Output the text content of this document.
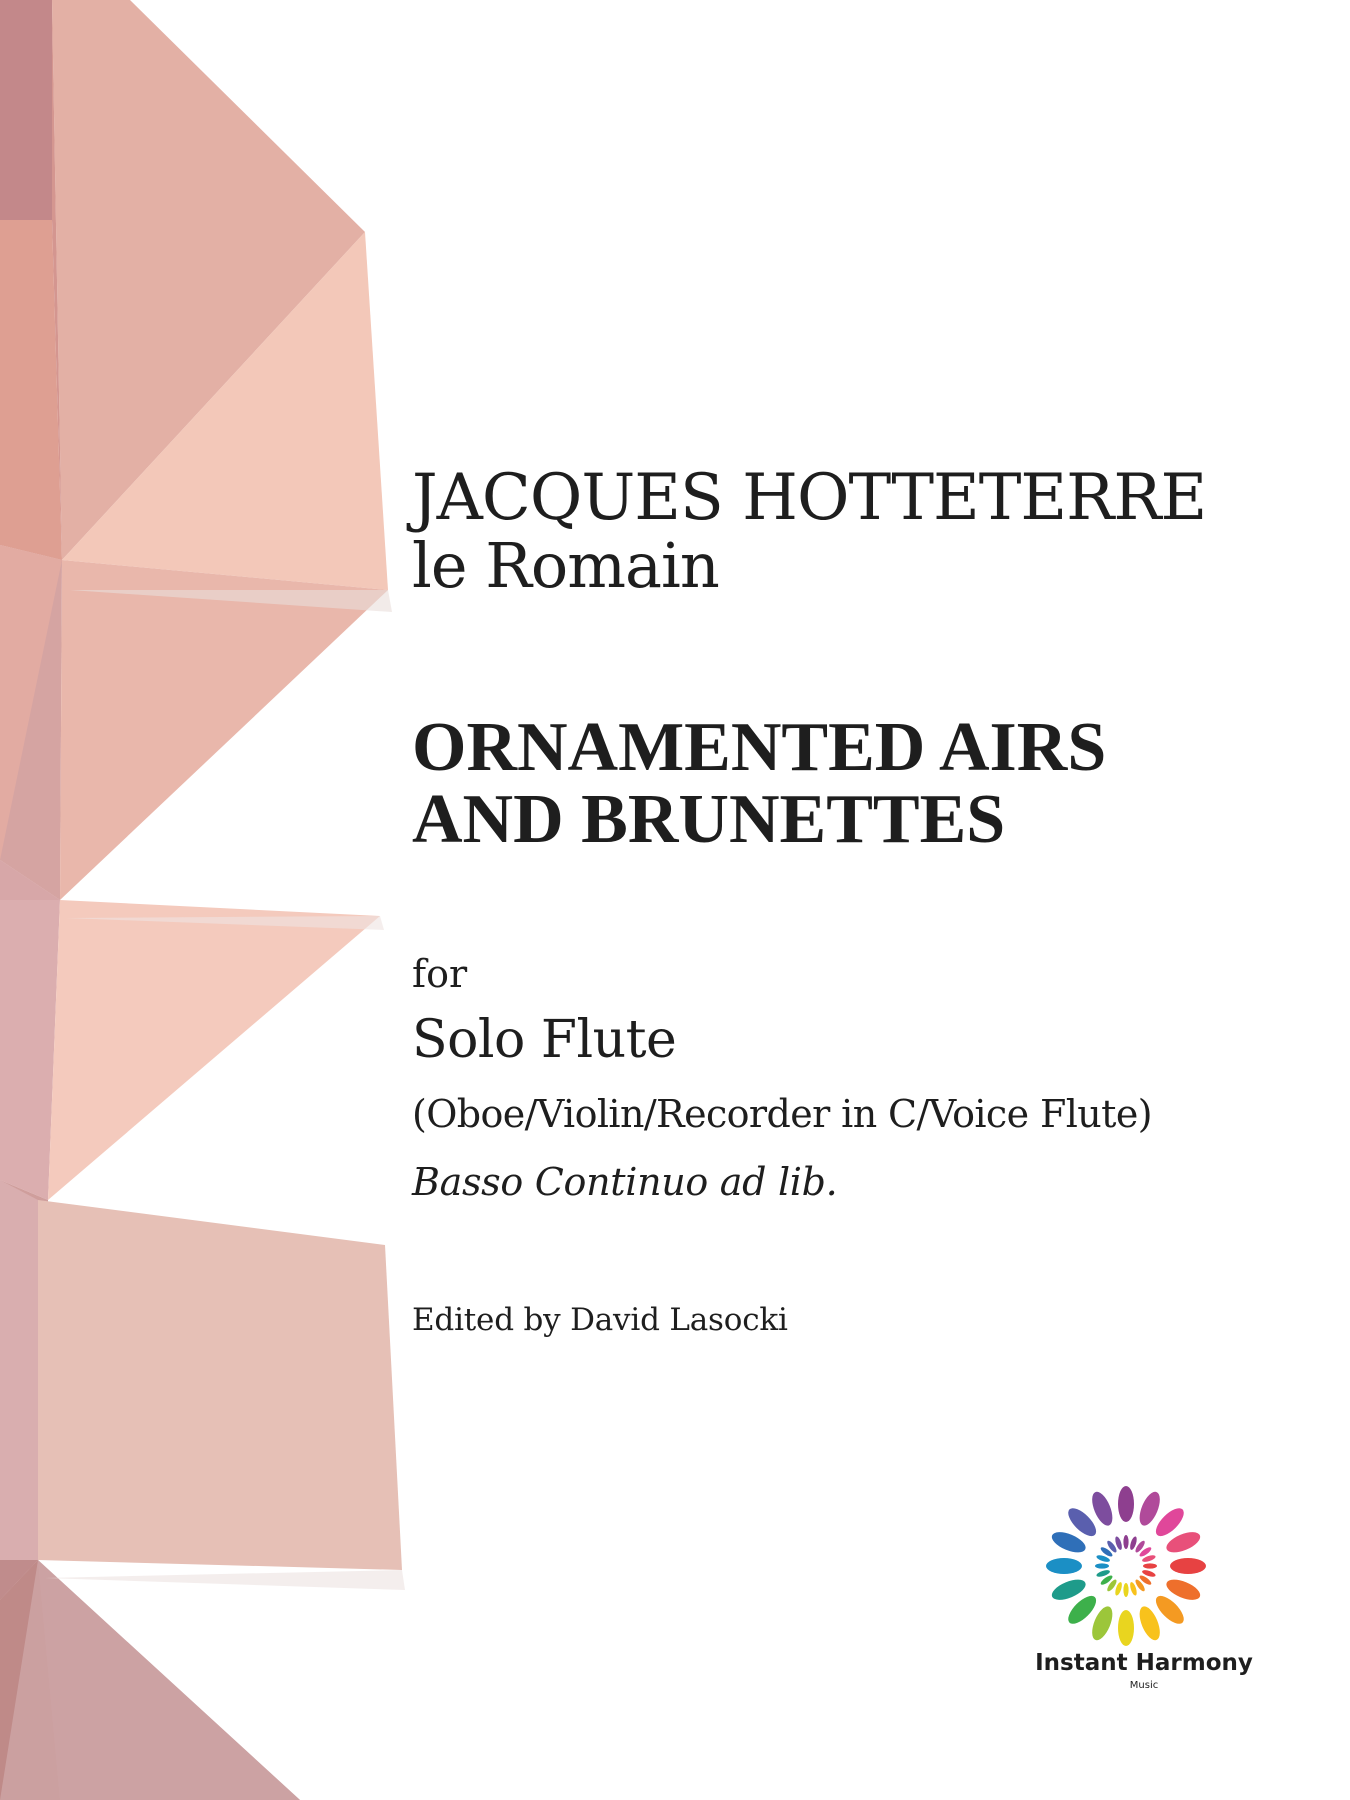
JACQUES HOTTETERRE
le Romain
ORNAMENTED AIRS
AND BRUNETTES
for
Solo Flute
(Oboe/Violin/Recorder in C/Voice Flute)
Basso Continuo ad lib.
Edited by David Lasocki
Instant Harmony
Music
